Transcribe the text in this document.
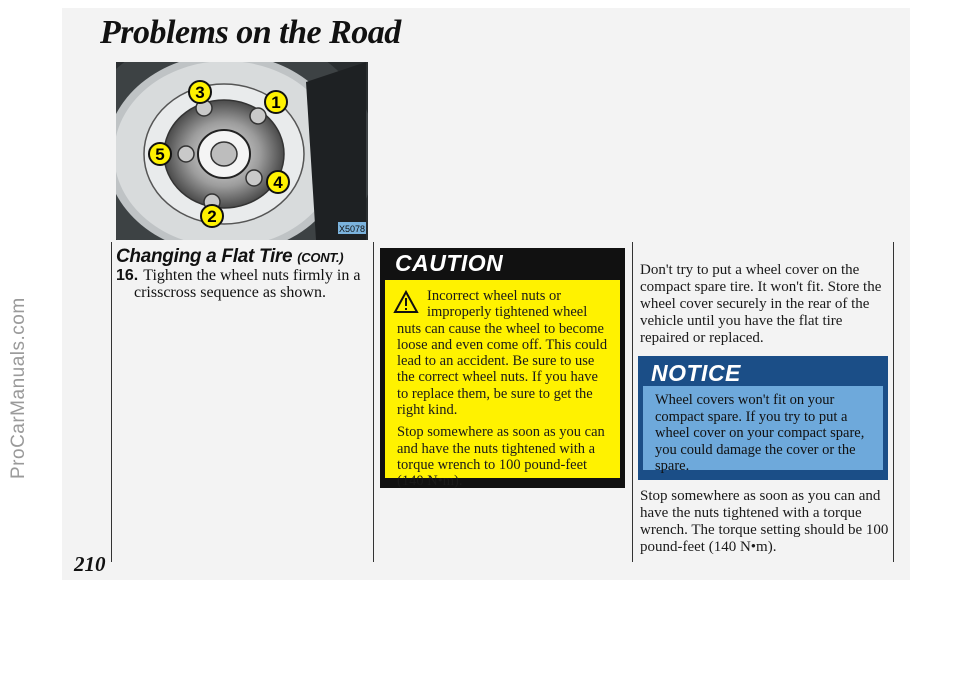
ProCarManuals.com
Problems on the Road
1
2
3
4
5
X5078
Changing a Flat Tire (CONT.)
16. Tighten the wheel nuts firmly in a
crisscross sequence as shown.
CAUTION

Incorrect wheel nuts or improperly tightened wheel nuts can cause the wheel to become loose and even come off. This could lead to an accident. Be sure to use the correct wheel nuts. If you have to replace them, be sure to get the right kind.

Stop somewhere as soon as you can and have the nuts tightened with a torque wrench to 100 pound-feet (140 N•m).

Don't try to put a wheel cover on the compact spare tire. It won't fit. Store the wheel cover securely in the rear of the vehicle until you have the flat tire repaired or replaced.
NOTICE
Wheel covers won't fit on your compact spare. If you try to put a wheel cover on your compact spare, you could damage the cover or the spare.
Stop somewhere as soon as you can and have the nuts tightened with a torque wrench. The torque setting should be 100 pound-feet (140 N•m).
210
